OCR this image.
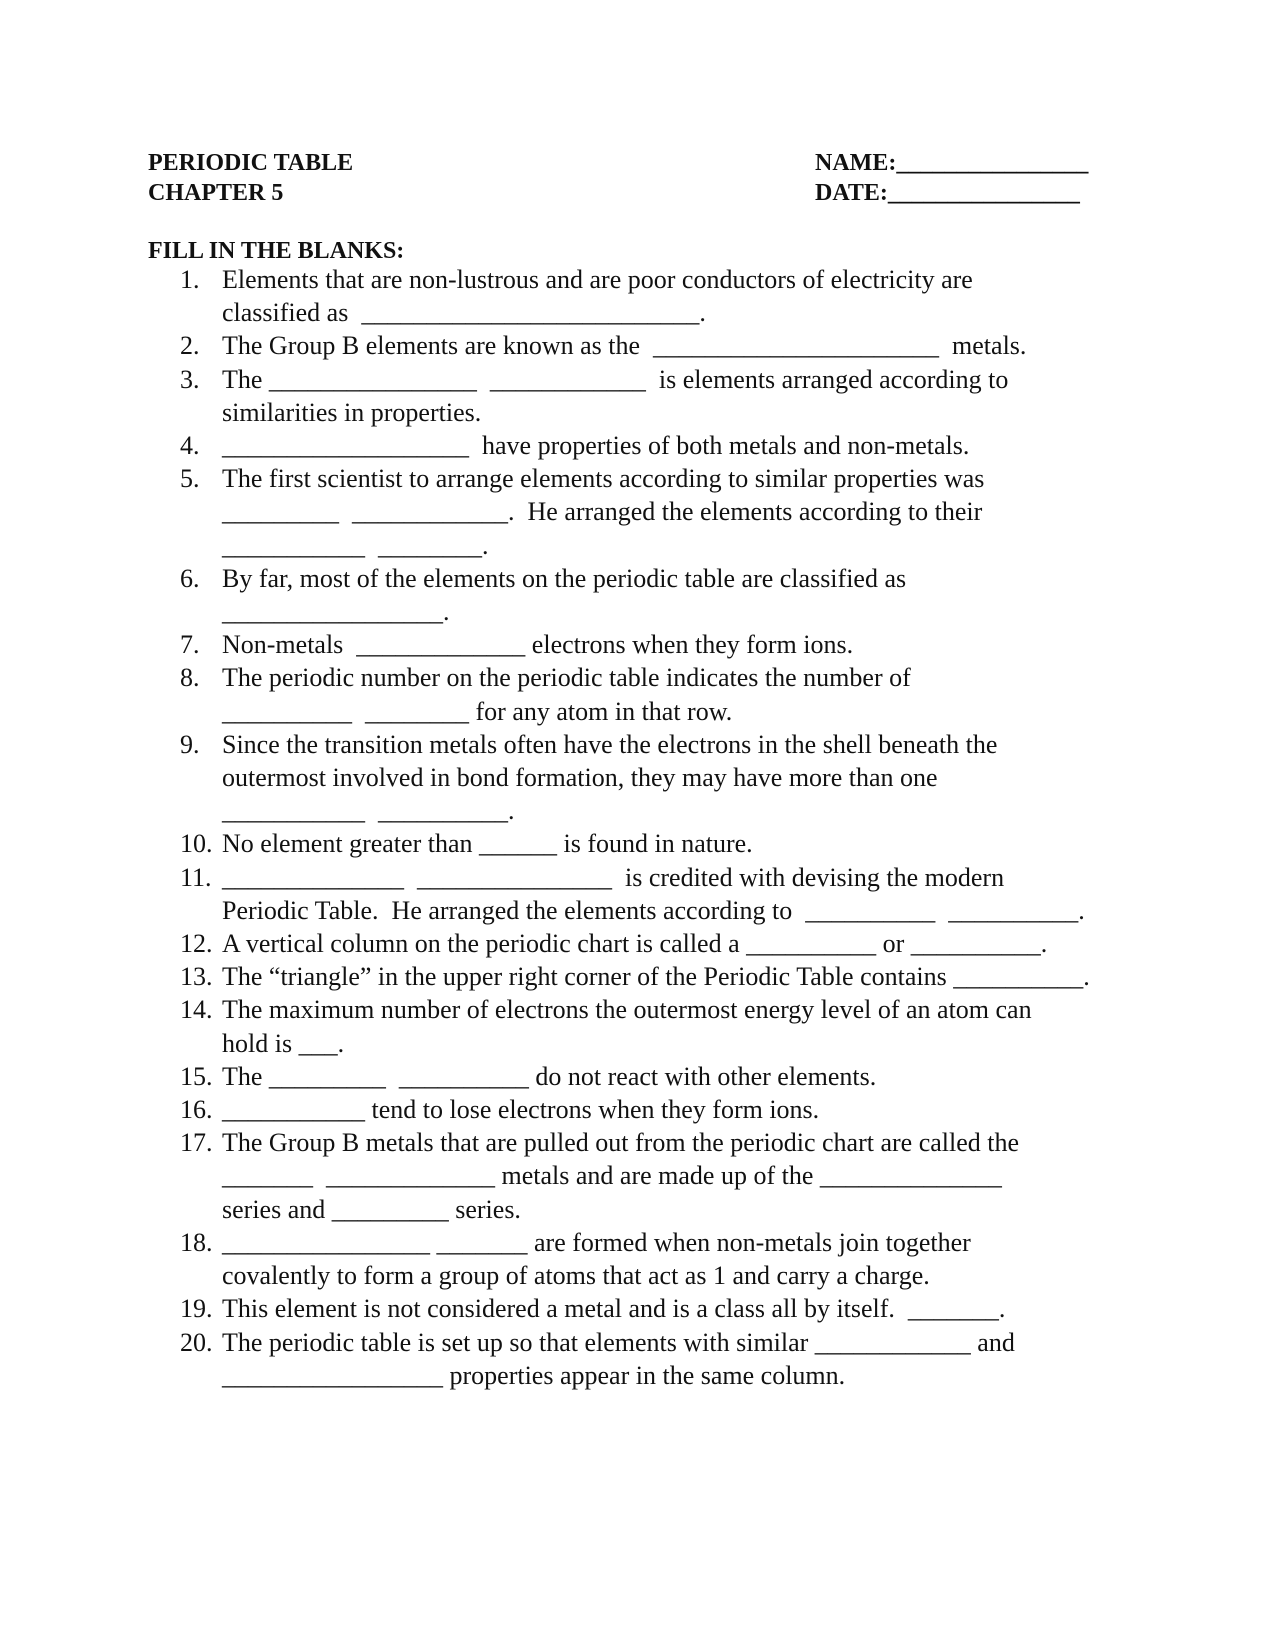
PERIODIC TABLE
CHAPTER 5
NAME:________________
DATE:________________
FILL IN THE BLANKS:
1. Elements that are non-lustrous and are poor conductors of electricity are
classified as  __________________________.
2. The Group B elements are known as the  ______________________  metals.
3. The ________________  ____________  is elements arranged according to
similarities in properties.
4. ___________________  have properties of both metals and non-metals.
5. The first scientist to arrange elements according to similar properties was
_________  ____________.  He arranged the elements according to their
___________  ________.
6. By far, most of the elements on the periodic table are classified as
_________________.
7. Non-metals  _____________ electrons when they form ions.
8. The periodic number on the periodic table indicates the number of
__________  ________ for any atom in that row.
9. Since the transition metals often have the electrons in the shell beneath the
outermost involved in bond formation, they may have more than one
___________  __________.
10. No element greater than ______ is found in nature.
11. ______________  _______________  is credited with devising the modern
Periodic Table.  He arranged the elements according to  __________  __________.
12. A vertical column on the periodic chart is called a __________ or __________.
13. The “triangle” in the upper right corner of the Periodic Table contains __________.
14. The maximum number of electrons the outermost energy level of an atom can
hold is ___.
15. The _________  __________ do not react with other elements.
16. ___________ tend to lose electrons when they form ions.
17. The Group B metals that are pulled out from the periodic chart are called the
_______  _____________ metals and are made up of the ______________
series and _________ series.
18. ________________ _______ are formed when non-metals join together
covalently to form a group of atoms that act as 1 and carry a charge.
19. This element is not considered a metal and is a class all by itself.  _______.
20. The periodic table is set up so that elements with similar ____________ and
_________________ properties appear in the same column.
